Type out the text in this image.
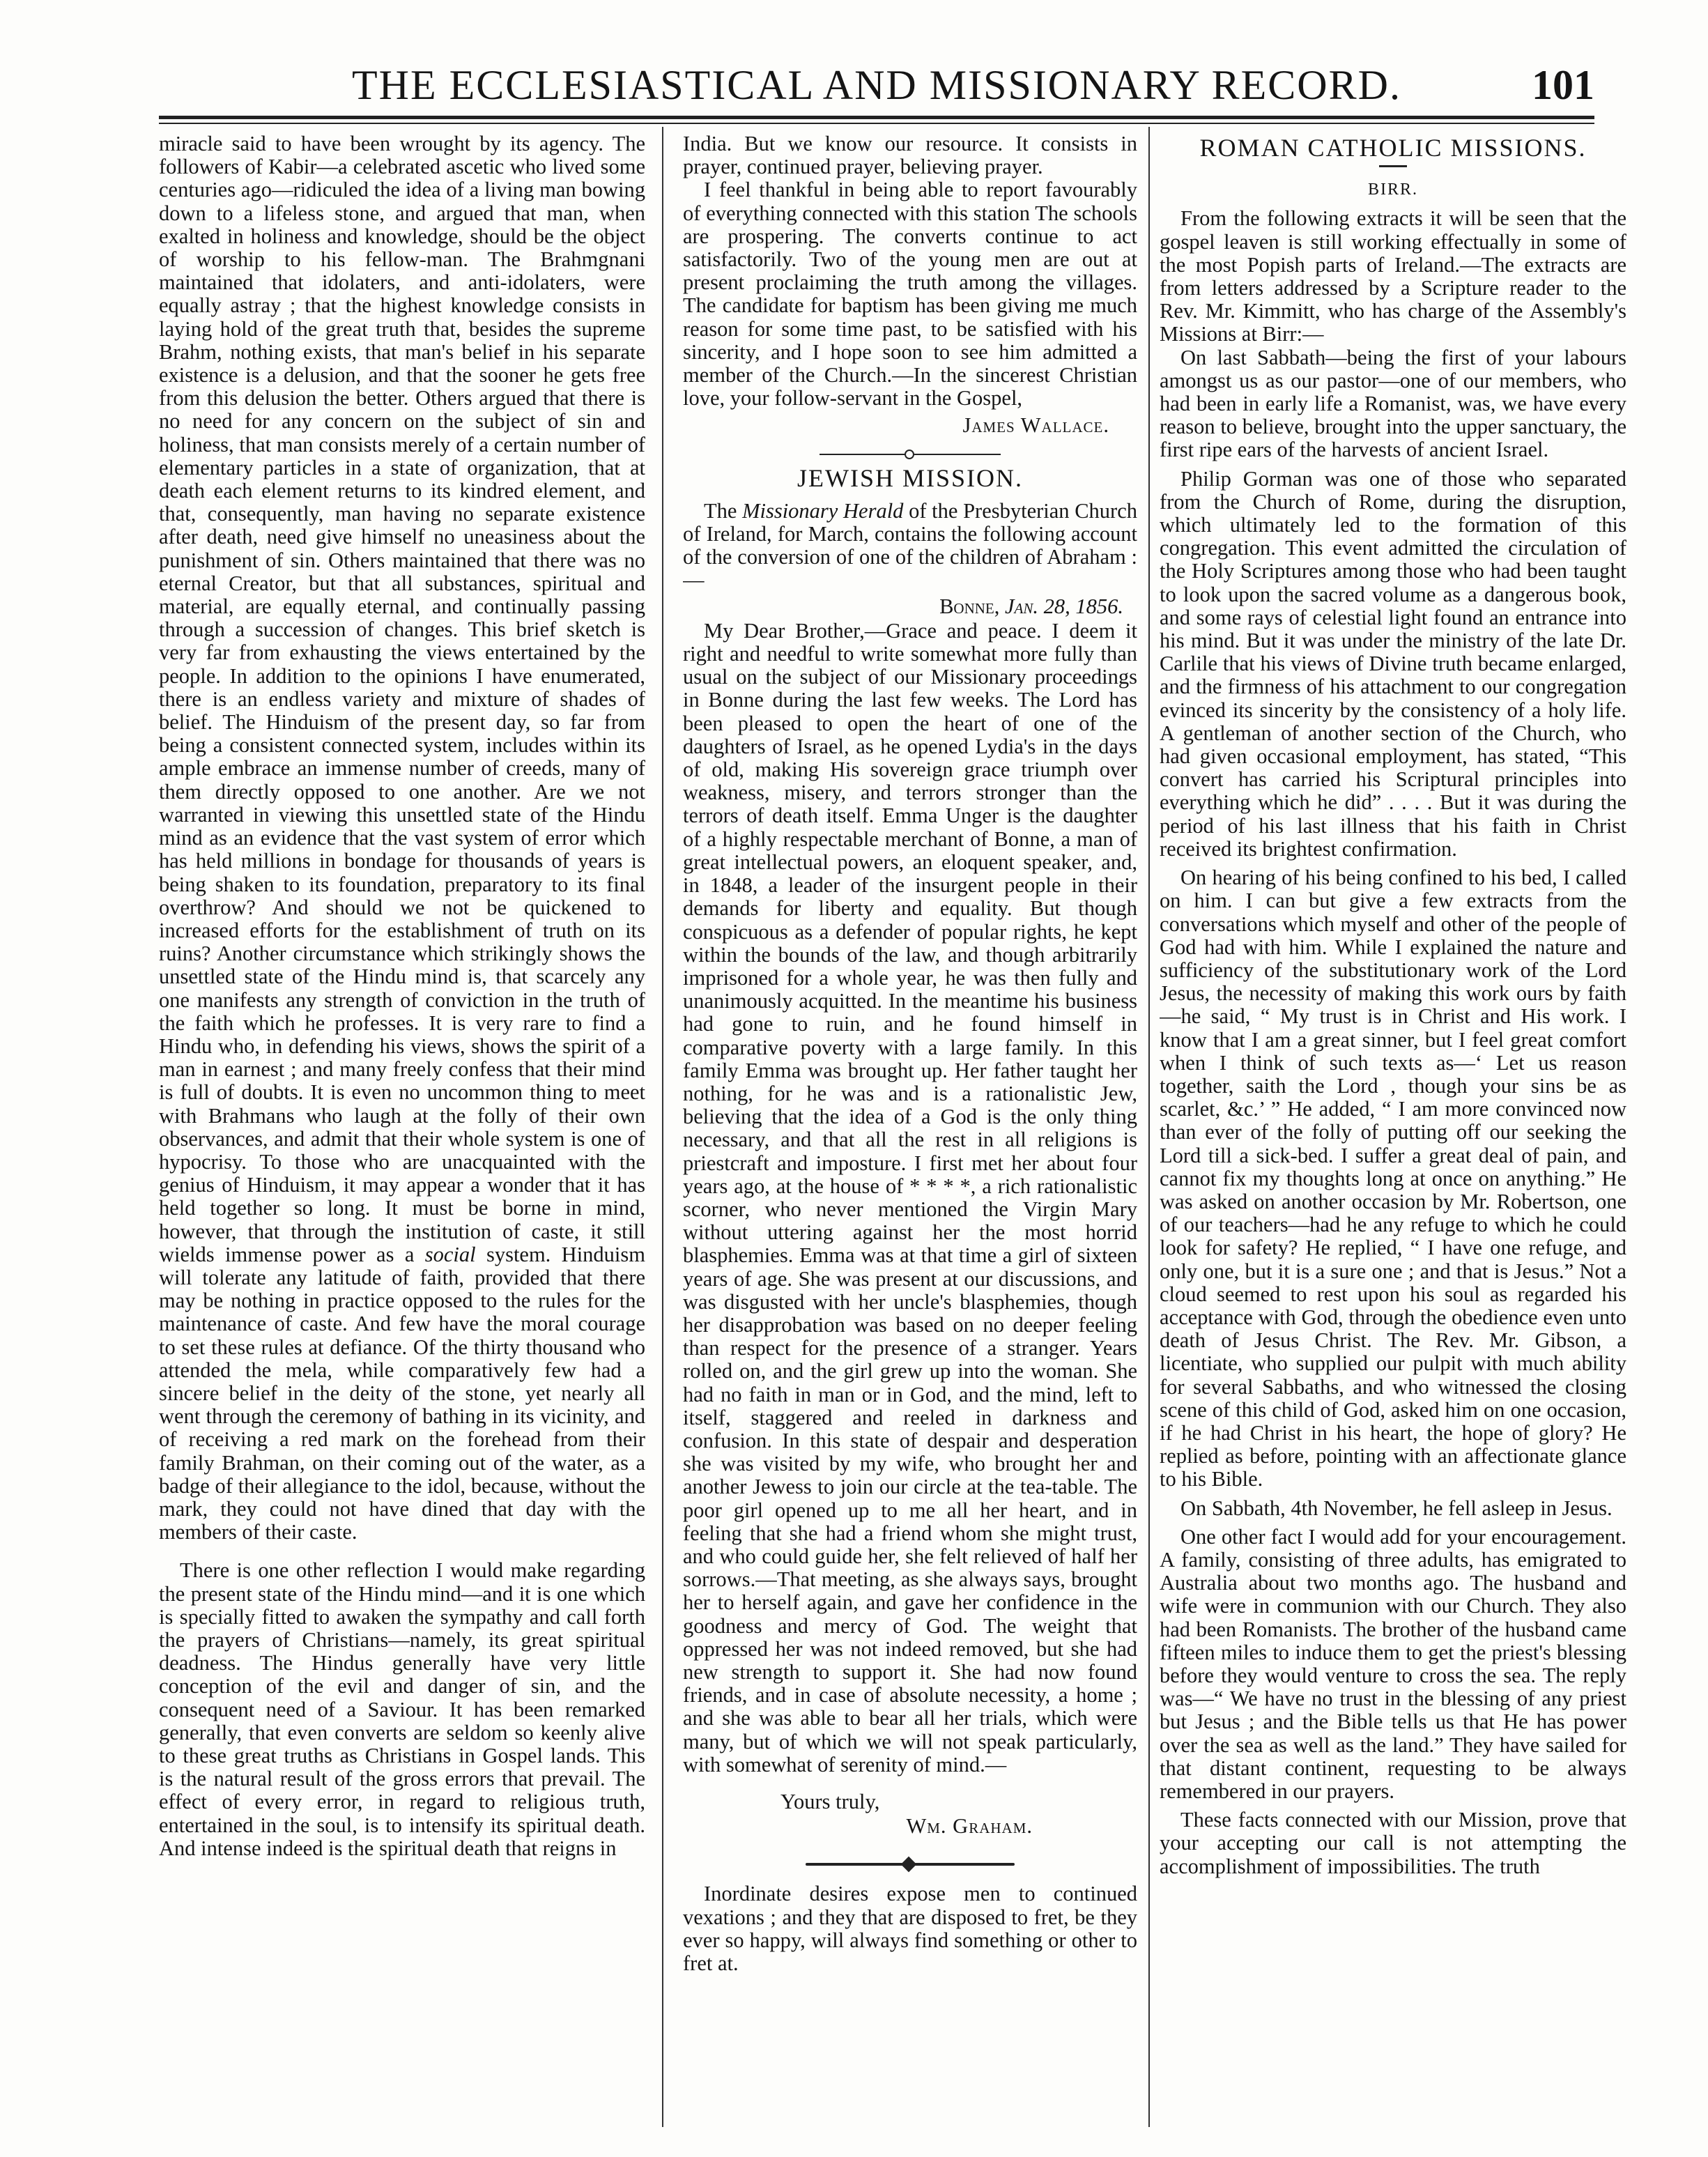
THE ECCLESIASTICAL AND MISSIONARY RECORD.	101

miracle said to have been wrought by its agency. The followers of Kabir—a celebrated ascetic who lived some centuries ago—ridiculed the idea of a living man bowing down to a lifeless stone, and argued that man, when exalted in holiness and knowledge, should be the object of worship to his fellow-man. The Brahmgnani maintained that idolaters, and anti-idolaters, were equally astray ; that the highest knowledge consists in laying hold of the great truth that, besides the supreme Brahm, nothing exists, that man's belief in his separate existence is a delusion, and that the sooner he gets free from this delusion the better. Others argued that there is no need for any concern on the subject of sin and holiness, that man consists merely of a certain number of elementary particles in a state of organization, that at death each element returns to its kindred element, and that, consequently, man having no separate existence after death, need give himself no uneasiness about the punishment of sin. Others maintained that there was no eternal Creator, but that all substances, spiritual and material, are equally eternal, and continually passing through a succession of changes. This brief sketch is very far from exhausting the views entertained by the people. In addition to the opinions I have enumerated, there is an endless variety and mixture of shades of belief. The Hinduism of the present day, so far from being a consistent connected system, includes within its ample embrace an immense number of creeds, many of them directly opposed to one another. Are we not warranted in viewing this unsettled state of the Hindu mind as an evidence that the vast system of error which has held millions in bondage for thousands of years is being shaken to its foundation, preparatory to its final overthrow? And should we not be quickened to increased efforts for the establishment of truth on its ruins? Another circumstance which strikingly shows the unsettled state of the Hindu mind is, that scarcely any one manifests any strength of conviction in the truth of the faith which he professes. It is very rare to find a Hindu who, in defending his views, shows the spirit of a man in earnest ; and many freely confess that their mind is full of doubts. It is even no uncommon thing to meet with Brahmans who laugh at the folly of their own observances, and admit that their whole system is one of hypocrisy. To those who are unacquainted with the genius of Hinduism, it may appear a wonder that it has held together so long. It must be borne in mind, however, that through the institution of caste, it still wields immense power as a social system. Hinduism will tolerate any latitude of faith, provided that there may be nothing in practice opposed to the rules for the maintenance of caste. And few have the moral courage to set these rules at defiance. Of the thirty thousand who attended the mela, while comparatively few had a sincere belief in the deity of the stone, yet nearly all went through the ceremony of bathing in its vicinity, and of receiving a red mark on the forehead from their family Brahman, on their coming out of the water, as a badge of their allegiance to the idol, because, without the mark, they could not have dined that day with the members of their caste.

There is one other reflection I would make regarding the present state of the Hindu mind—and it is one which is specially fitted to awaken the sympathy and call forth the prayers of Christians—namely, its great spiritual deadness. The Hindus generally have very little conception of the evil and danger of sin, and the consequent need of a Saviour. It has been remarked generally, that even converts are seldom so keenly alive to these great truths as Christians in Gospel lands. This is the natural result of the gross errors that prevail. The effect of every error, in regard to religious truth, entertained in the soul, is to intensify its spiritual death. And intense indeed is the spiritual death that reigns in

India. But we know our resource. It consists in prayer, continued prayer, believing prayer.

I feel thankful in being able to report favourably of everything connected with this station The schools are prospering. The converts continue to act satisfactorily. Two of the young men are out at present proclaiming the truth among the villages. The candidate for baptism has been giving me much reason for some time past, to be satisfied with his sincerity, and I hope soon to see him admitted a member of the Church.—In the sincerest Christian love, your follow-servant in the Gospel,

James Wallace.
JEWISH MISSION.

The Missionary Herald of the Presbyterian Church of Ireland, for March, contains the following account of the conversion of one of the children of Abraham :—

Bonne, Jan. 28, 1856.

My Dear Brother,—Grace and peace. I deem it right and needful to write somewhat more fully than usual on the subject of our Missionary proceedings in Bonne during the last few weeks. The Lord has been pleased to open the heart of one of the daughters of Israel, as he opened Lydia's in the days of old, making His sovereign grace triumph over weakness, misery, and terrors stronger than the terrors of death itself. Emma Unger is the daughter of a highly respectable merchant of Bonne, a man of great intellectual powers, an eloquent speaker, and, in 1848, a leader of the insurgent people in their demands for liberty and equality. But though conspicuous as a defender of popular rights, he kept within the bounds of the law, and though arbitrarily imprisoned for a whole year, he was then fully and unanimously acquitted. In the meantime his business had gone to ruin, and he found himself in comparative poverty with a large family. In this family Emma was brought up. Her father taught her nothing, for he was and is a rationalistic Jew, believing that the idea of a God is the only thing necessary, and that all the rest in all religions is priestcraft and imposture. I first met her about four years ago, at the house of * * * *, a rich rationalistic scorner, who never mentioned the Virgin Mary without uttering against her the most horrid blasphemies. Emma was at that time a girl of sixteen years of age. She was present at our discussions, and was disgusted with her uncle's blasphemies, though her disapprobation was based on no deeper feeling than respect for the presence of a stranger. Years rolled on, and the girl grew up into the woman. She had no faith in man or in God, and the mind, left to itself, staggered and reeled in darkness and confusion. In this state of despair and desperation she was visited by my wife, who brought her and another Jewess to join our circle at the tea-table. The poor girl opened up to me all her heart, and in feeling that she had a friend whom she might trust, and who could guide her, she felt relieved of half her sorrows.—That meeting, as she always says, brought her to herself again, and gave her confidence in the goodness and mercy of God. The weight that oppressed her was not indeed removed, but she had new strength to support it. She had now found friends, and in case of absolute necessity, a home ; and she was able to bear all her trials, which were many, but of which we will not speak particularly, with somewhat of serenity of mind.—

Yours truly,

Wm. Graham.

Inordinate desires expose men to continued vexations ; and they that are disposed to fret, be they ever so happy, will always find something or other to fret at.

ROMAN CATHOLIC MISSIONS.
BIRR.

From the following extracts it will be seen that the gospel leaven is still working effectually in some of the most Popish parts of Ireland.—The extracts are from letters addressed by a Scripture reader to the Rev. Mr. Kimmitt, who has charge of the Assembly's Missions at Birr:—

On last Sabbath—being the first of your labours amongst us as our pastor—one of our members, who had been in early life a Romanist, was, we have every reason to believe, brought into the upper sanctuary, the first ripe ears of the harvests of ancient Israel.

Philip Gorman was one of those who separated from the Church of Rome, during the disruption, which ultimately led to the formation of this congregation. This event admitted the circulation of the Holy Scriptures among those who had been taught to look upon the sacred volume as a dangerous book, and some rays of celestial light found an entrance into his mind. But it was under the ministry of the late Dr. Carlile that his views of Divine truth became enlarged, and the firmness of his attachment to our congregation evinced its sincerity by the consistency of a holy life. A gentleman of another section of the Church, who had given occasional employment, has stated, “This convert has carried his Scriptural principles into everything which he did” . . . . But it was during the period of his last illness that his faith in Christ received its brightest confirmation.

On hearing of his being confined to his bed, I called on him. I can but give a few extracts from the conversations which myself and other of the people of God had with him. While I explained the nature and sufficiency of the substitutionary work of the Lord Jesus, the necessity of making this work ours by faith—he said, “ My trust is in Christ and His work. I know that I am a great sinner, but I feel great comfort when I think of such texts as—‘ Let us reason together, saith the Lord , though your sins be as scarlet, &c.’ ” He added, “ I am more convinced now than ever of the folly of putting off our seeking the Lord till a sick-bed. I suffer a great deal of pain, and cannot fix my thoughts long at once on anything.” He was asked on another occasion by Mr. Robertson, one of our teachers—had he any refuge to which he could look for safety? He replied, “ I have one refuge, and only one, but it is a sure one ; and that is Jesus.” Not a cloud seemed to rest upon his soul as regarded his acceptance with God, through the obedience even unto death of Jesus Christ. The Rev. Mr. Gibson, a licentiate, who supplied our pulpit with much ability for several Sabbaths, and who witnessed the closing scene of this child of God, asked him on one occasion, if he had Christ in his heart, the hope of glory? He replied as before, pointing with an affectionate glance to his Bible.

On Sabbath, 4th November, he fell asleep in Jesus.

One other fact I would add for your encouragement. A family, consisting of three adults, has emigrated to Australia about two months ago. The husband and wife were in communion with our Church. They also had been Romanists. The brother of the husband came fifteen miles to induce them to get the priest's blessing before they would venture to cross the sea. The reply was—“ We have no trust in the blessing of any priest but Jesus ; and the Bible tells us that He has power over the sea as well as the land.” They have sailed for that distant continent, requesting to be always remembered in our prayers.

These facts connected with our Mission, prove that your accepting our call is not attempting the accomplishment of impossibilities. The truth
